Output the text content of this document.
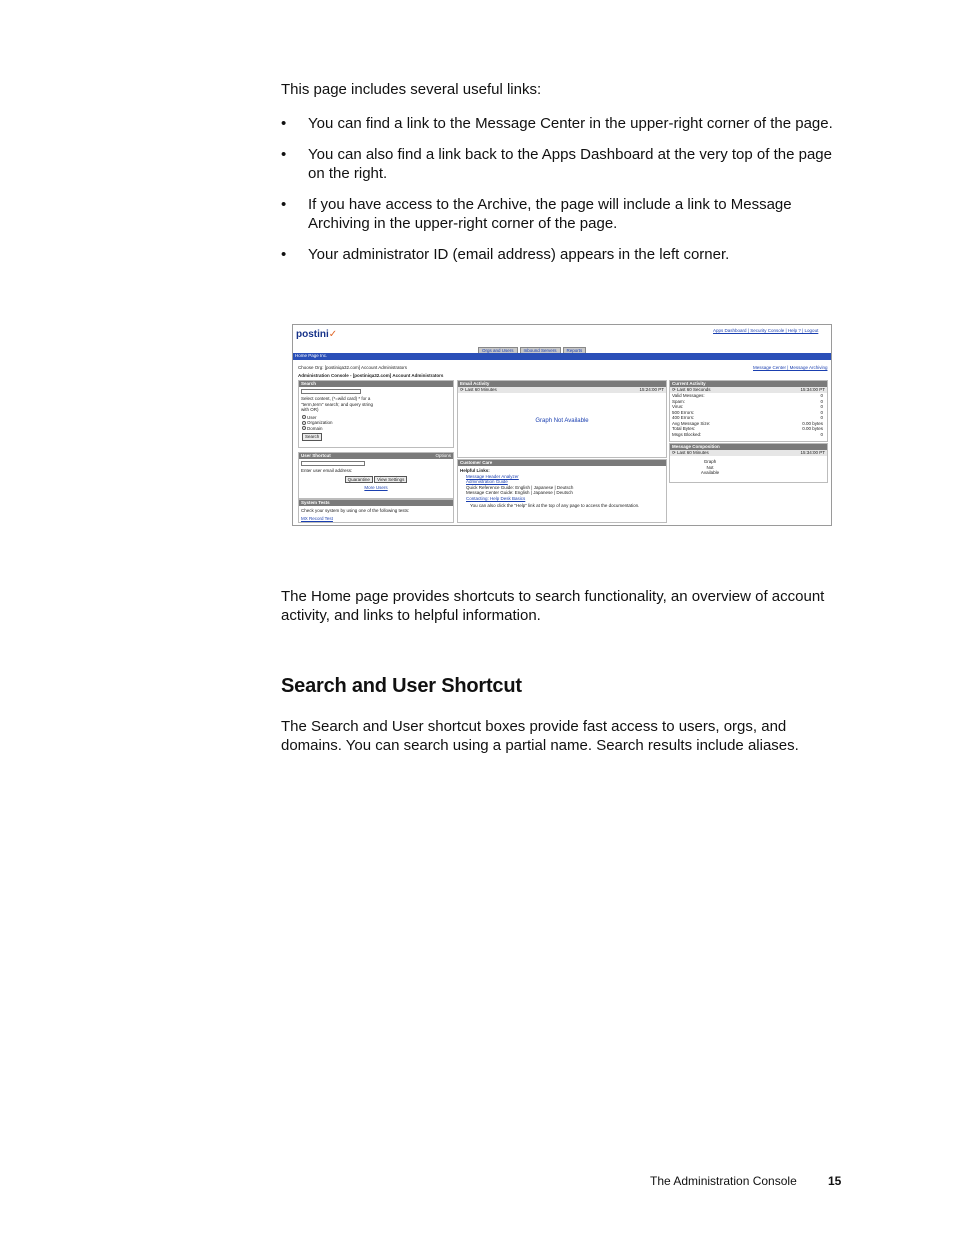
This page includes several useful links:
• You can find a link to the Message Center in the upper-right corner of the page.
• You can also find a link back to the Apps Dashboard at the very top of the page on the right.
• If you have access to the Archive, the page will include a link to Message Archiving in the upper-right corner of the page.
• Your administrator ID (email address) appears in the left corner.
postini✓	Apps Dashboard | Security Console | Help ? | Logout
Orgs and Users Inbound Servers Reports
Home Page Inc.
Choose Org: [postiniqa32.com] Account Administrators	Message Center | Message Archiving
Administration Console - [postiniqa32.com] Account Administrators
Search
Select content, (*=wild card) * for a "term,term" search; and query string with OR)
User
Organization
Domain
Search
User Shortcut	Options
Enter user email address:
Quarantine View Settings
More Users
System Tests
Check your system by using one of the following tests:
MX Record Test
Email Activity
⟳ Last 60 Minutes	15:24:00 PT
Graph Not Available
Customer Care
Helpful Links:
Message Header Analyzer
Administration Guide
Quick Reference Guide: English | Japanese | Deutsch
Message Center Guide: English | Japanese | Deutsch
Contacting: Help Desk Basics
You can also click the "Help" link at the top of any page to access the documentation.
Current Activity
⟳ Last 60 Seconds	15:34:00 PT
Valid Messages:	0
Spam:	0
Virus:	0
500 Errors:	0
400 Errors:	0
Avg Message Size:	0.00 bytes
Total Bytes:	0.00 bytes
Msgs Blocked:	0
Message Composition
⟳ Last 60 Minutes	15:34:00 PT
Graph
Not
Available
The Home page provides shortcuts to search functionality, an overview of account activity, and links to helpful information.
Search and User Shortcut
The Search and User shortcut boxes provide fast access to users, orgs, and domains. You can search using a partial name. Search results include aliases.
The Administration Console	15
